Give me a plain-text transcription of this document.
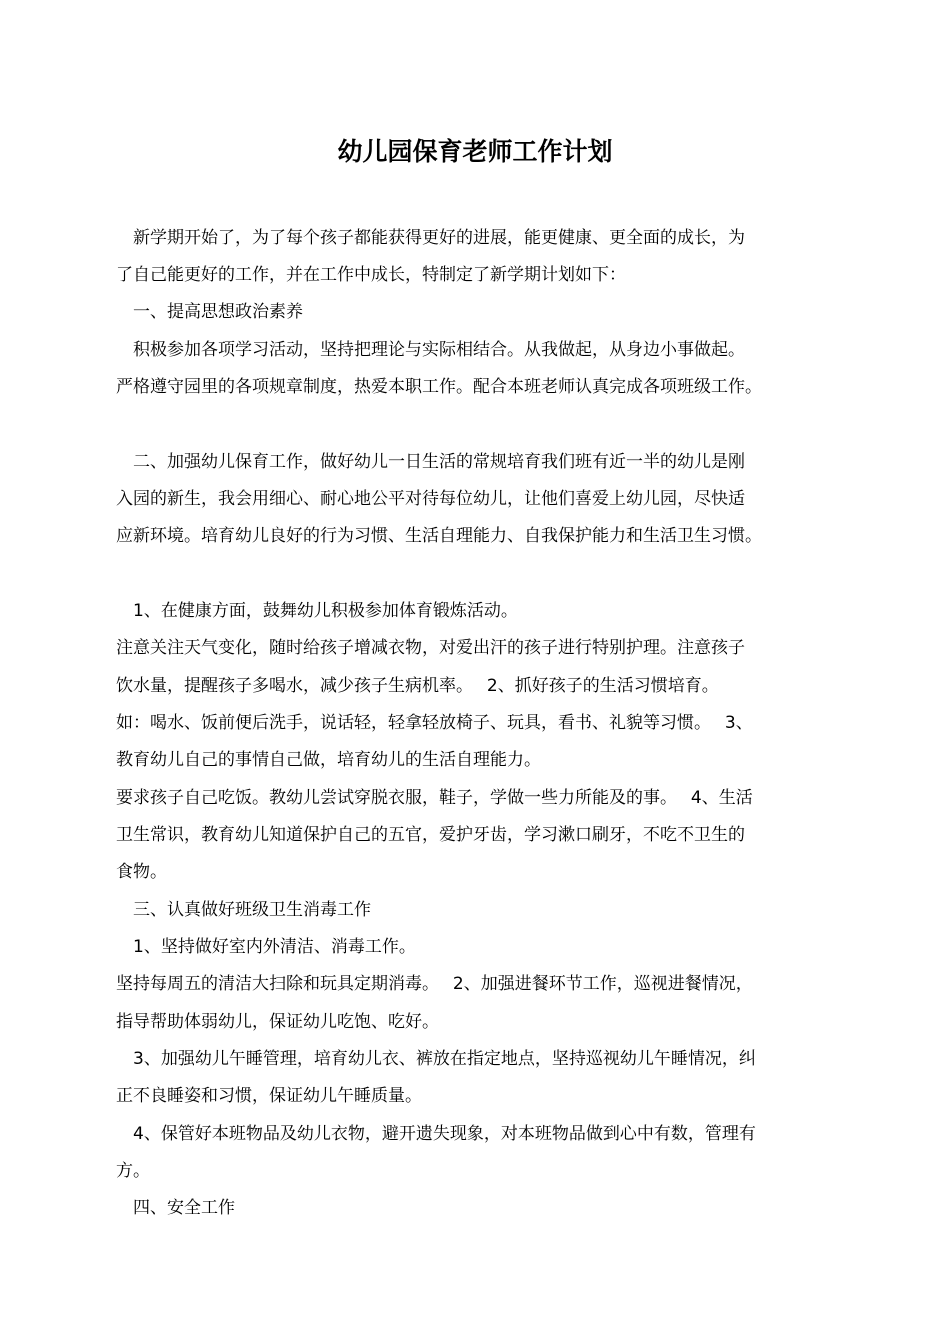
幼儿园保育老师工作计划
　新学期开始了，为了每个孩子都能获得更好的进展，能更健康、更全面的成长，为
了自己能更好的工作，并在工作中成长，特制定了新学期计划如下：
　一、提高思想政治素养
　积极参加各项学习活动，坚持把理论与实际相结合。从我做起，从身边小事做起。
严格遵守园里的各项规章制度，热爱本职工作。配合本班老师认真完成各项班级工作。
　二、加强幼儿保育工作，做好幼儿一日生活的常规培育我们班有近一半的幼儿是刚
入园的新生，我会用细心、耐心地公平对待每位幼儿，让他们喜爱上幼儿园，尽快适
应新环境。培育幼儿良好的行为习惯、生活自理能力、自我保护能力和生活卫生习惯。
　1、在健康方面，鼓舞幼儿积极参加体育锻炼活动。
注意关注天气变化，随时给孩子增减衣物，对爱出汗的孩子进行特别护理。注意孩子
饮水量，提醒孩子多喝水，减少孩子生病机率。　 2、抓好孩子的生活习惯培育。
如：喝水、饭前便后洗手，说话轻，轻拿轻放椅子、玩具，看书、礼貌等习惯。　 3、
教育幼儿自己的事情自己做，培育幼儿的生活自理能力。
要求孩子自己吃饭。教幼儿尝试穿脱衣服，鞋子，学做一些力所能及的事。　 4、生活
卫生常识，教育幼儿知道保护自己的五官，爱护牙齿，学习漱口刷牙，不吃不卫生的
食物。
　三、认真做好班级卫生消毒工作
　1、坚持做好室内外清洁、消毒工作。
坚持每周五的清洁大扫除和玩具定期消毒。　 2、加强进餐环节工作，巡视进餐情况，
指导帮助体弱幼儿，保证幼儿吃饱、吃好。
　3、加强幼儿午睡管理，培育幼儿衣、裤放在指定地点，坚持巡视幼儿午睡情况，纠
正不良睡姿和习惯，保证幼儿午睡质量。
　4、保管好本班物品及幼儿衣物，避开遗失现象，对本班物品做到心中有数，管理有
方。
　四、安全工作
